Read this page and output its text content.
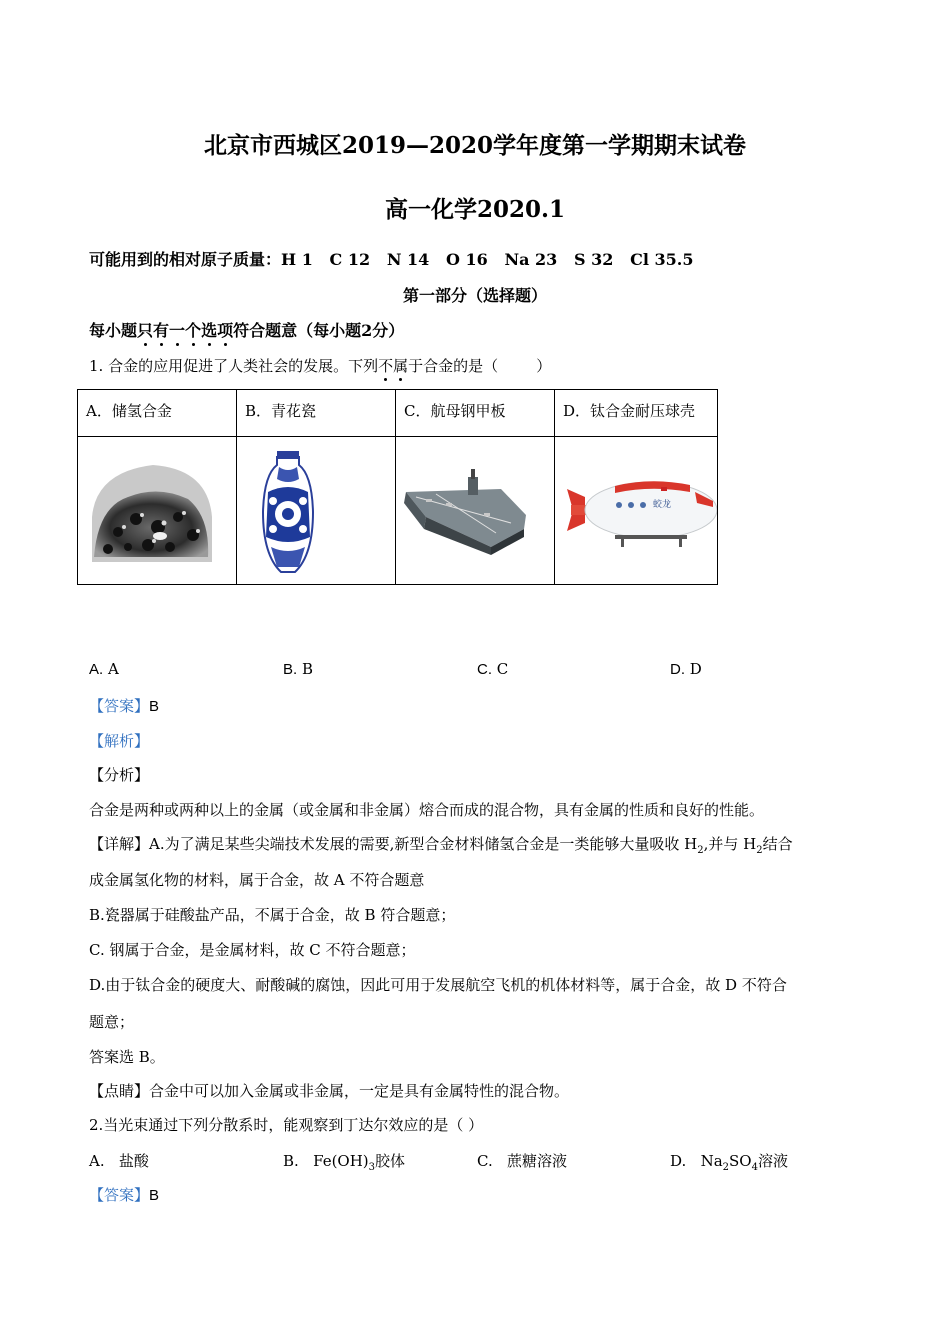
北京市西城区2019—2020学年度第一学期期末试卷
高一化学2020.1
可能用到的相对原子质量：H 1   C 12   N 14   O 16   Na 23   S 32   Cl 35.5
第一部分（选择题）
每小题只有一个选项符合题意（每小题2分）
1. 合金的应用促进了人类社会的发展。下列不属于合金的是（        ）
A．储氢合金	B．青花瓷	C．航母钢甲板	D．钛合金耐压球壳
蛟龙
A. A	B. B	C. C	D. D
【答案】B
【解析】
【分析】
合金是两种或两种以上的金属（或金属和非金属）熔合而成的混合物，具有金属的性质和良好的性能。
【详解】A.为了满足某些尖端技术发展的需要,新型合金材料储氢合金是一类能够大量吸收 $H_2$,并与 $H_2$结合
成金属氢化物的材料，属于合金，故 A 不符合题意
B.瓷器属于硅酸盐产品，不属于合金，故 B 符合题意；
C. 钢属于合金，是金属材料，故 C 不符合题意；
D.由于钛合金的硬度大、耐酸碱的腐蚀，因此可用于发展航空飞机的机体材料等，属于合金，故 D 不符合
题意；
答案选 B。
【点睛】合金中可以加入金属或非金属，一定是具有金属特性的混合物。
2.当光束通过下列分散系时，能观察到丁达尔效应的是（ ）
A. 盐酸	B. $Fe(OH)_3$胶体	C. 蔗糖溶液	D. $Na_2SO_4$溶液
【答案】B
